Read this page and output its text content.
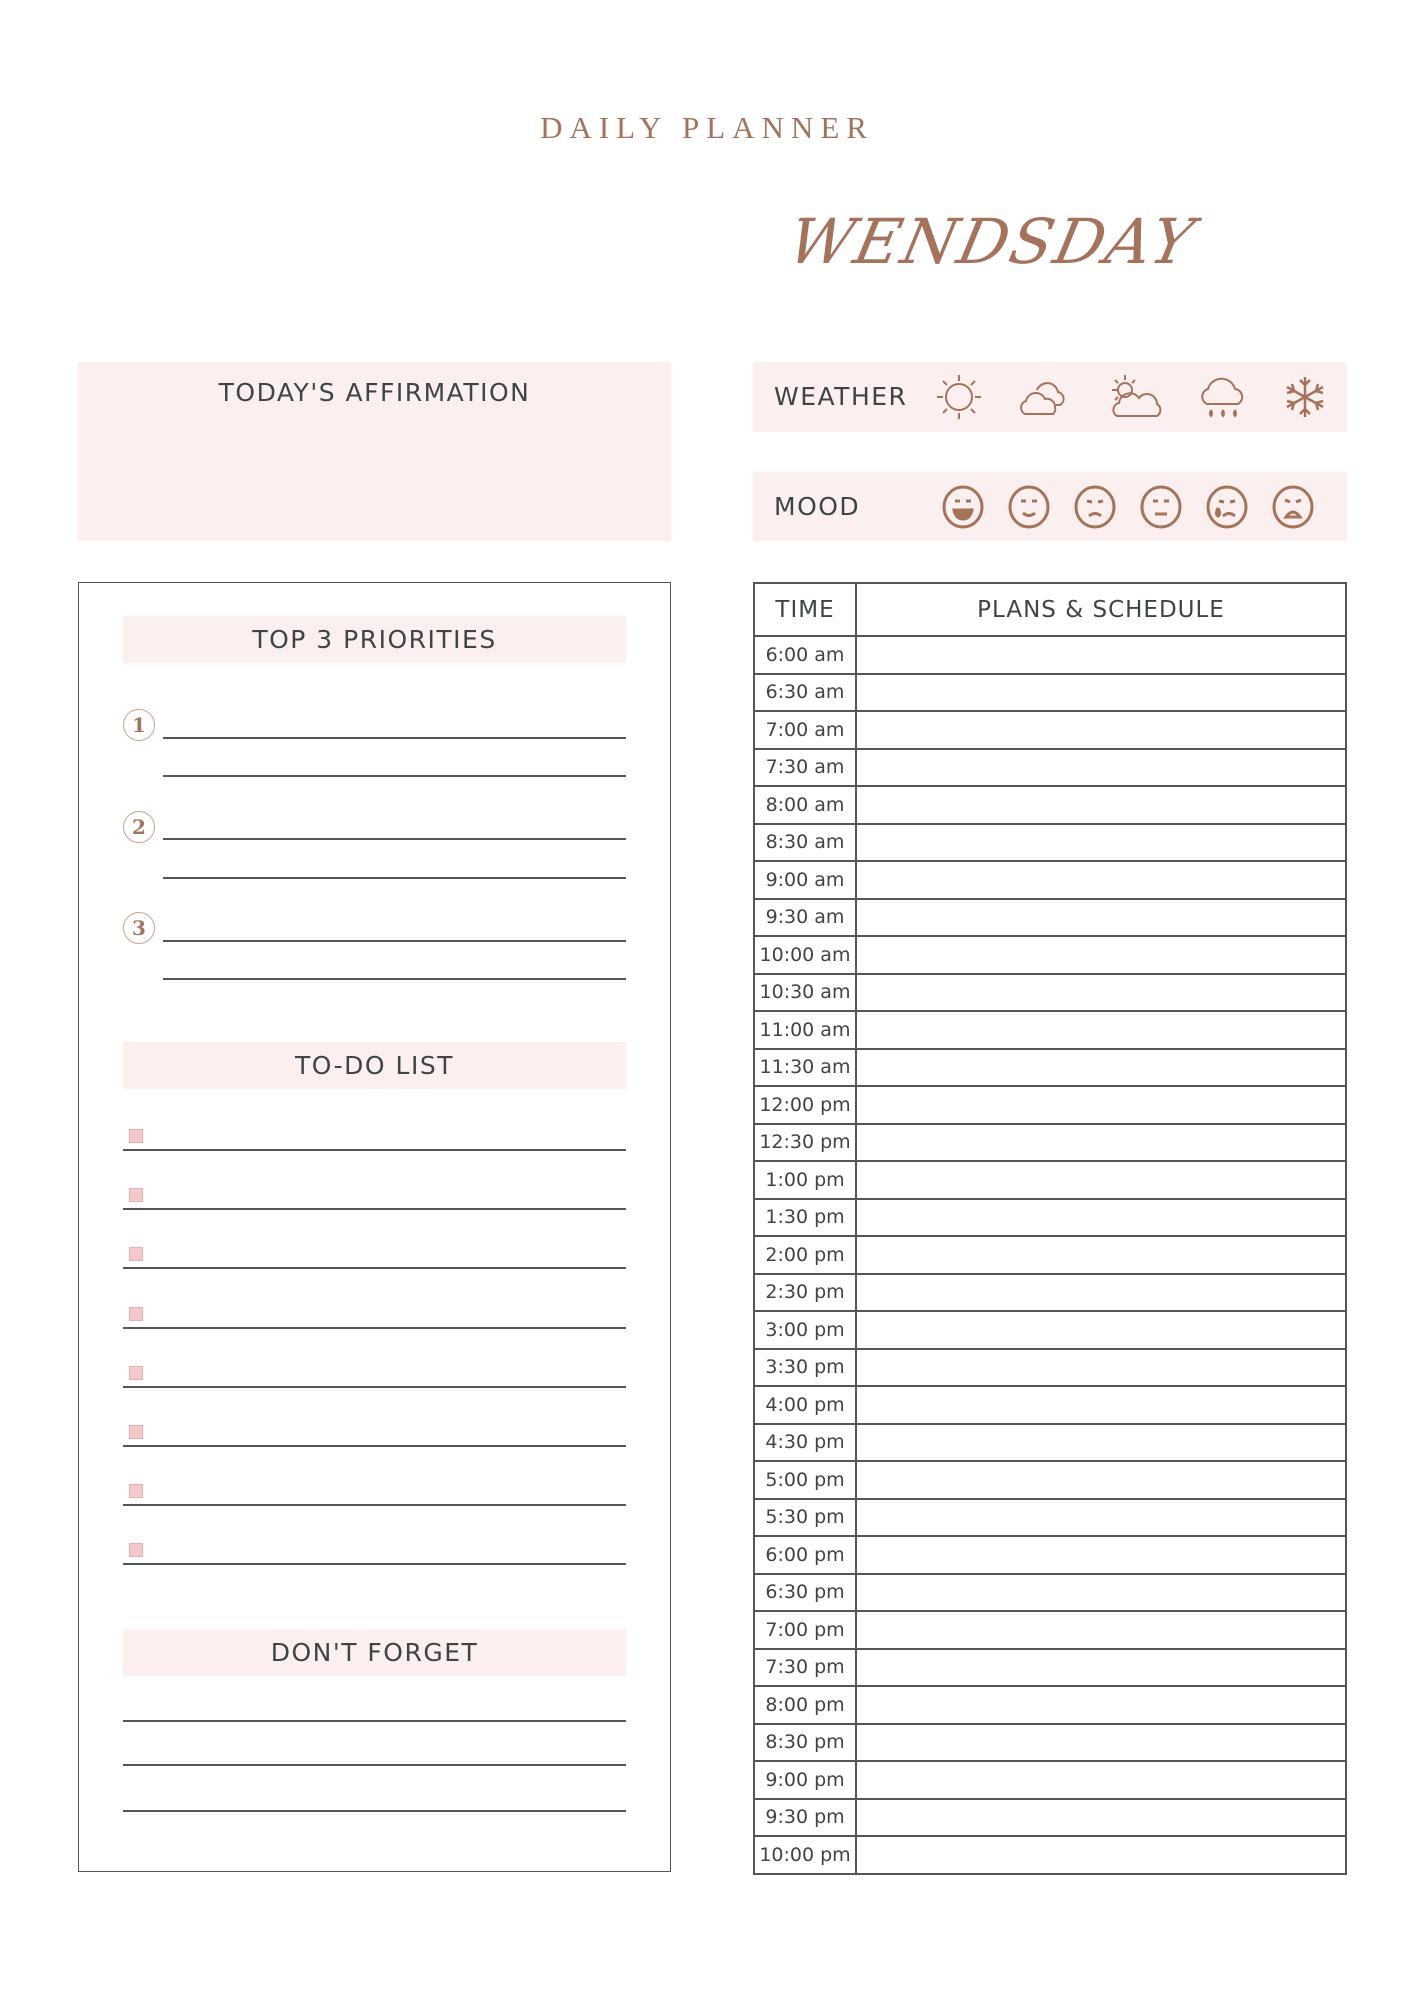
DAILY PLANNER
WENDSDAY
TODAY'S AFFIRMATION	WEATHER
MOOD
TOP 3 PRIORITIES
1
2
3
TO-DO LIST
DON'T FORGET
TIME	PLANS & SCHEDULE
6:00 am	
6:30 am	
7:00 am	
7:30 am	
8:00 am	
8:30 am	
9:00 am	
9:30 am	
10:00 am	
10:30 am	
11:00 am	
11:30 am	
12:00 pm	
12:30 pm	
1:00 pm	
1:30 pm	
2:00 pm	
2:30 pm	
3:00 pm	
3:30 pm	
4:00 pm	
4:30 pm	
5:00 pm	
5:30 pm	
6:00 pm	
6:30 pm	
7:00 pm	
7:30 pm	
8:00 pm	
8:30 pm	
9:00 pm	
9:30 pm	
10:00 pm	
